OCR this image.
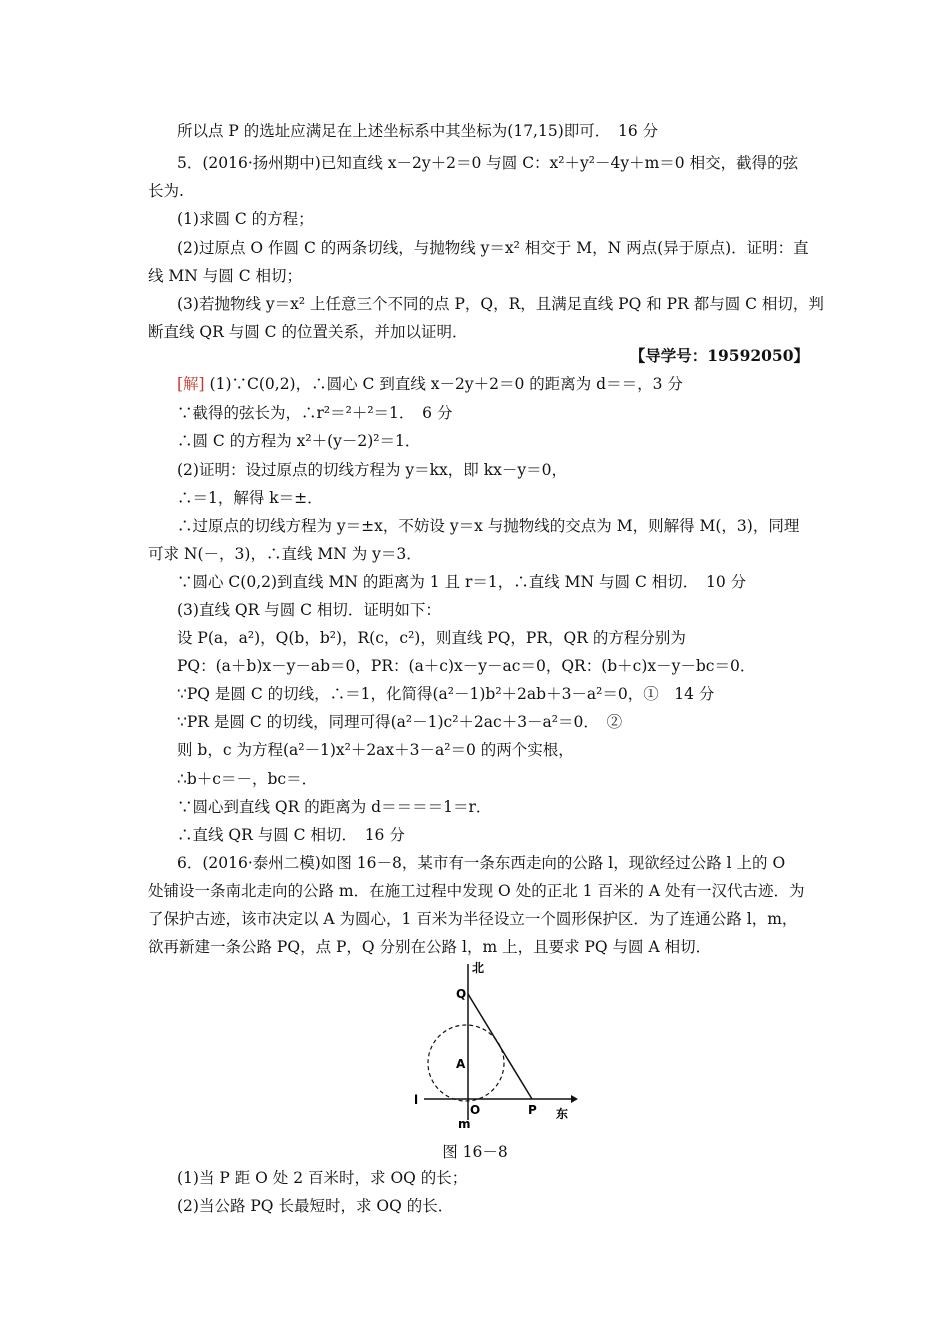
所以点 P 的选址应满足在上述坐标系中其坐标为(17,15)即可．　16 分
5．(2016·扬州期中)已知直线 x－2y＋2＝0 与圆 C：x²＋y²－4y＋m＝0 相交，截得的弦
长为.
(1)求圆 C 的方程；
(2)过原点 O 作圆 C 的两条切线，与抛物线 y＝x² 相交于 M，N 两点(异于原点)．证明：直
线 MN 与圆 C 相切；
(3)若抛物线 y＝x² 上任意三个不同的点 P，Q，R，且满足直线 PQ 和 PR 都与圆 C 相切，判
断直线 QR 与圆 C 的位置关系，并加以证明．
【导学号：19592050】
[解] (1)∵C(0,2)，∴圆心 C 到直线 x－2y＋2＝0 的距离为 d＝＝，3 分
∵截得的弦长为，∴r²＝²＋²＝1．　6 分
∴圆 C 的方程为 x²＋(y－2)²＝1．
(2)证明：设过原点的切线方程为 y＝kx，即 kx－y＝0，
∴＝1，解得 k＝±．
∴过原点的切线方程为 y＝±x，不妨设 y＝x 与抛物线的交点为 M，则解得 M(，3)，同理
可求 N(－，3)，∴直线 MN 为 y＝3．
∵圆心 C(0,2)到直线 MN 的距离为 1 且 r＝1，∴直线 MN 与圆 C 相切．　10 分
(3)直线 QR 与圆 C 相切．证明如下：
设 P(a，a²)，Q(b，b²)，R(c，c²)，则直线 PQ，PR，QR 的方程分别为
PQ：(a＋b)x－y－ab＝0，PR：(a＋c)x－y－ac＝0，QR：(b＋c)x－y－bc＝0．
∵PQ 是圆 C 的切线，∴＝1，化简得(a²－1)b²＋2ab＋3－a²＝0，①　14 分
∵PR 是圆 C 的切线，同理可得(a²－1)c²＋2ac＋3－a²＝0．　②
则 b，c 为方程(a²－1)x²＋2ax＋3－a²＝0 的两个实根，
∴b＋c＝－，bc＝．
∵圆心到直线 QR 的距离为 d＝＝＝＝1＝r．
∴直线 QR 与圆 C 相切．　16 分
6．(2016·泰州二模)如图 16－8，某市有一条东西走向的公路 l，现欲经过公路 l 上的 O
处铺设一条南北走向的公路 m．在施工过程中发现 O 处的正北 1 百米的 A 处有一汉代古迹．为
了保护古迹，该市决定以 A 为圆心，1 百米为半径设立一个圆形保护区．为了连通公路 l，m，
欲再新建一条公路 PQ，点 P，Q 分别在公路 l，m 上，且要求 PQ 与圆 A 相切．
北
Q
A
l
O	P 东
m
图 16－8
(1)当 P 距 O 处 2 百米时，求 OQ 的长；
(2)当公路 PQ 长最短时，求 OQ 的长．
